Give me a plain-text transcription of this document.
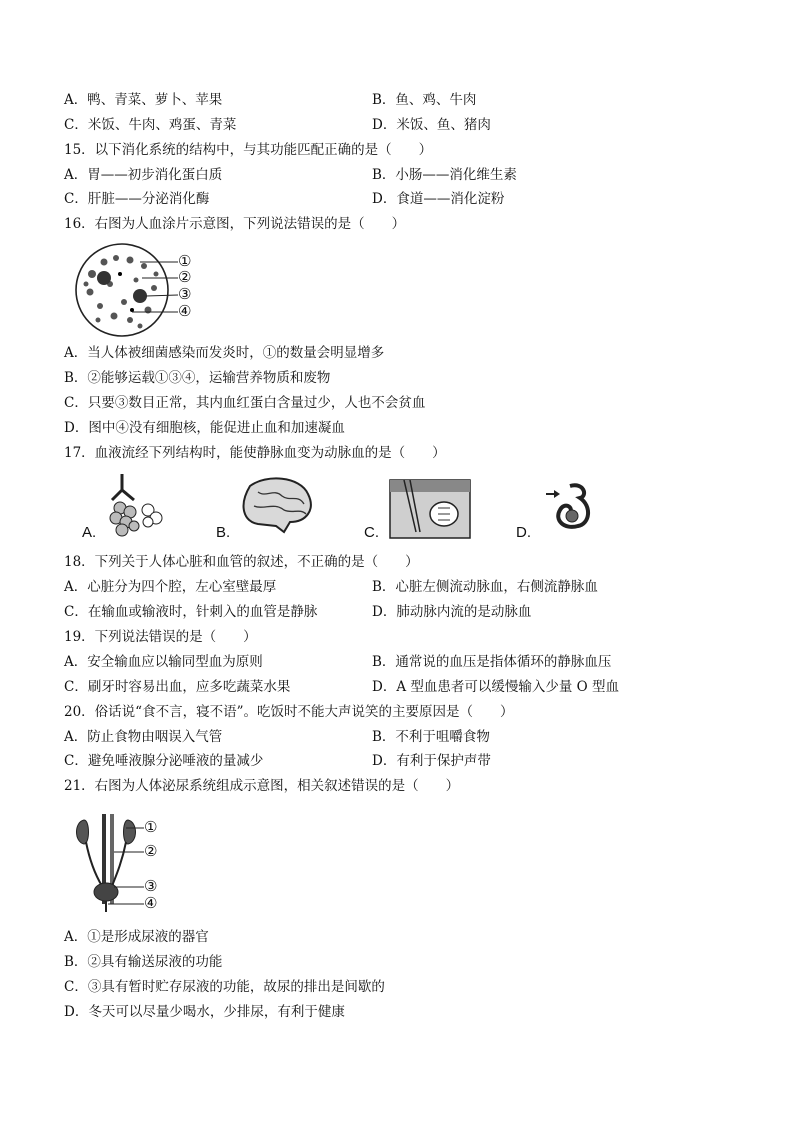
A．鸭、青菜、萝卜、苹果	B．鱼、鸡、牛肉
C．米饭、牛肉、鸡蛋、青菜	D．米饭、鱼、猪肉
15．以下消化系统的结构中，与其功能匹配正确的是（　　）
A．胃——初步消化蛋白质	B．小肠——消化维生素
C．肝脏——分泌消化酶	D．食道——消化淀粉
16．右图为人血涂片示意图，下列说法错误的是（　　）
①
②
③
④
A．当人体被细菌感染而发炎时，①的数量会明显增多
B．②能够运载①③④，运输营养物质和废物
C．只要③数目正常，其内血红蛋白含量过少，人也不会贫血
D．图中④没有细胞核，能促进止血和加速凝血
17．血液流经下列结构时，能使静脉血变为动脉血的是（　　）
A.	B.	C.	D.
18．下列关于人体心脏和血管的叙述，不正确的是（　　）
A．心脏分为四个腔，左心室壁最厚	B．心脏左侧流动脉血，右侧流静脉血
C．在输血或输液时，针刺入的血管是静脉	D．肺动脉内流的是动脉血
19．下列说法错误的是（　　）
A．安全输血应以输同型血为原则	B．通常说的血压是指体循环的静脉血压
C．刷牙时容易出血，应多吃蔬菜水果	D．A 型血患者可以缓慢输入少量 O 型血
20．俗话说“食不言，寝不语”。吃饭时不能大声说笑的主要原因是（　　）
A．防止食物由咽误入气管	B．不利于咀嚼食物
C．避免唾液腺分泌唾液的量减少	D．有利于保护声带
21．右图为人体泌尿系统组成示意图，相关叙述错误的是（　　）
①
②
③
④
A．①是形成尿液的器官
B．②具有输送尿液的功能
C．③具有暂时贮存尿液的功能，故尿的排出是间歇的
D．冬天可以尽量少喝水，少排尿，有利于健康
